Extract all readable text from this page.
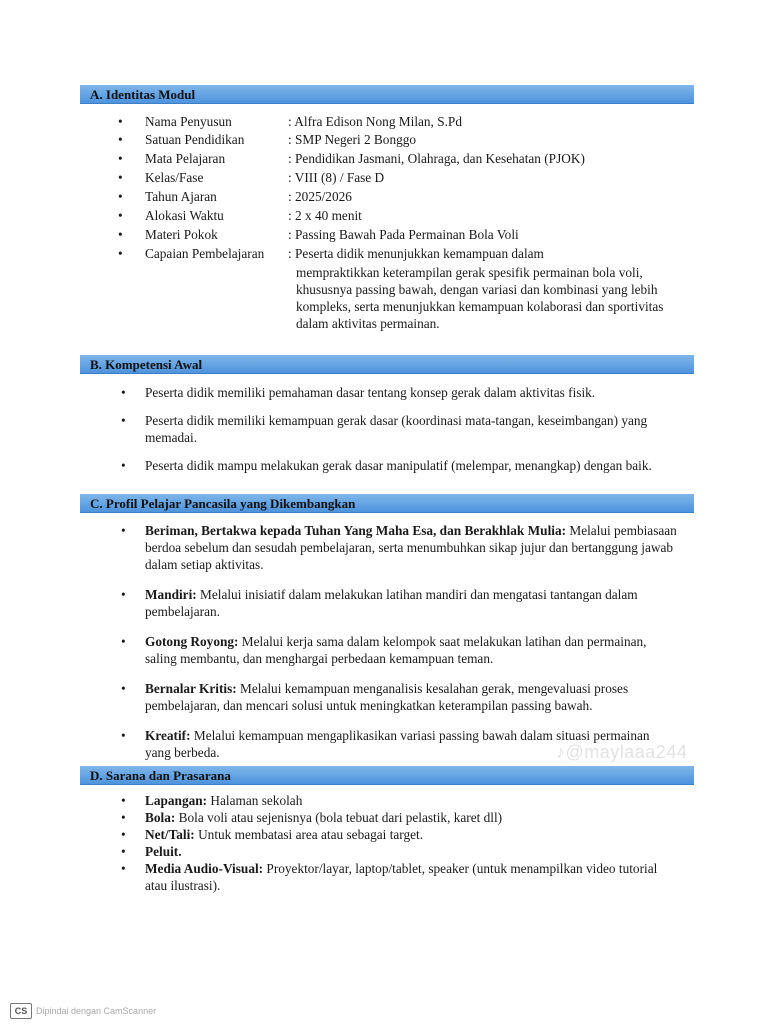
A. Identitas Modul
• Nama Penyusun	: Alfra Edison Nong Milan, S.Pd
• Satuan Pendidikan	: SMP Negeri 2 Bonggo
• Mata Pelajaran	: Pendidikan Jasmani, Olahraga, dan Kesehatan (PJOK)
• Kelas/Fase	: VIII (8) / Fase D
• Tahun Ajaran	: 2025/2026
• Alokasi Waktu	: 2 x 40 menit
• Materi Pokok	: Passing Bawah Pada Permainan Bola Voli
• Capaian Pembelajaran : Peserta didik menunjukkan kemampuan dalam

mempraktikkan keterampilan gerak spesifik permainan bola voli, khususnya passing bawah, dengan variasi dan kombinasi yang lebih kompleks, serta menunjukkan kemampuan kolaborasi dan sportivitas dalam aktivitas permainan.

B. Kompetensi Awal
• Peserta didik memiliki pemahaman dasar tentang konsep gerak dalam aktivitas fisik.
• Peserta didik memiliki kemampuan gerak dasar (koordinasi mata-tangan, keseimbangan) yang memadai.
• Peserta didik mampu melakukan gerak dasar manipulatif (melempar, menangkap) dengan baik.
C. Profil Pelajar Pancasila yang Dikembangkan
• Beriman, Bertakwa kepada Tuhan Yang Maha Esa, dan Berakhlak Mulia: Melalui pembiasaan berdoa sebelum dan sesudah pembelajaran, serta menumbuhkan sikap jujur dan bertanggung jawab dalam setiap aktivitas.
• Mandiri: Melalui inisiatif dalam melakukan latihan mandiri dan mengatasi tantangan dalam pembelajaran.
• Gotong Royong: Melalui kerja sama dalam kelompok saat melakukan latihan dan permainan, saling membantu, dan menghargai perbedaan kemampuan teman.
• Bernalar Kritis: Melalui kemampuan menganalisis kesalahan gerak, mengevaluasi proses pembelajaran, dan mencari solusi untuk meningkatkan keterampilan passing bawah.
• Kreatif: Melalui kemampuan mengaplikasikan variasi passing bawah dalam situasi permainan yang berbeda.	♪@maylaaa244
D. Sarana dan Prasarana
• Lapangan: Halaman sekolah
• Bola: Bola voli atau sejenisnya (bola tebuat dari pelastik, karet dll)
• Net/Tali: Untuk membatasi area atau sebagai target.
• Peluit.
• Media Audio-Visual: Proyektor/layar, laptop/tablet, speaker (untuk menampilkan video tutorial atau ilustrasi).
CS Dipindai dengan CamScanner
